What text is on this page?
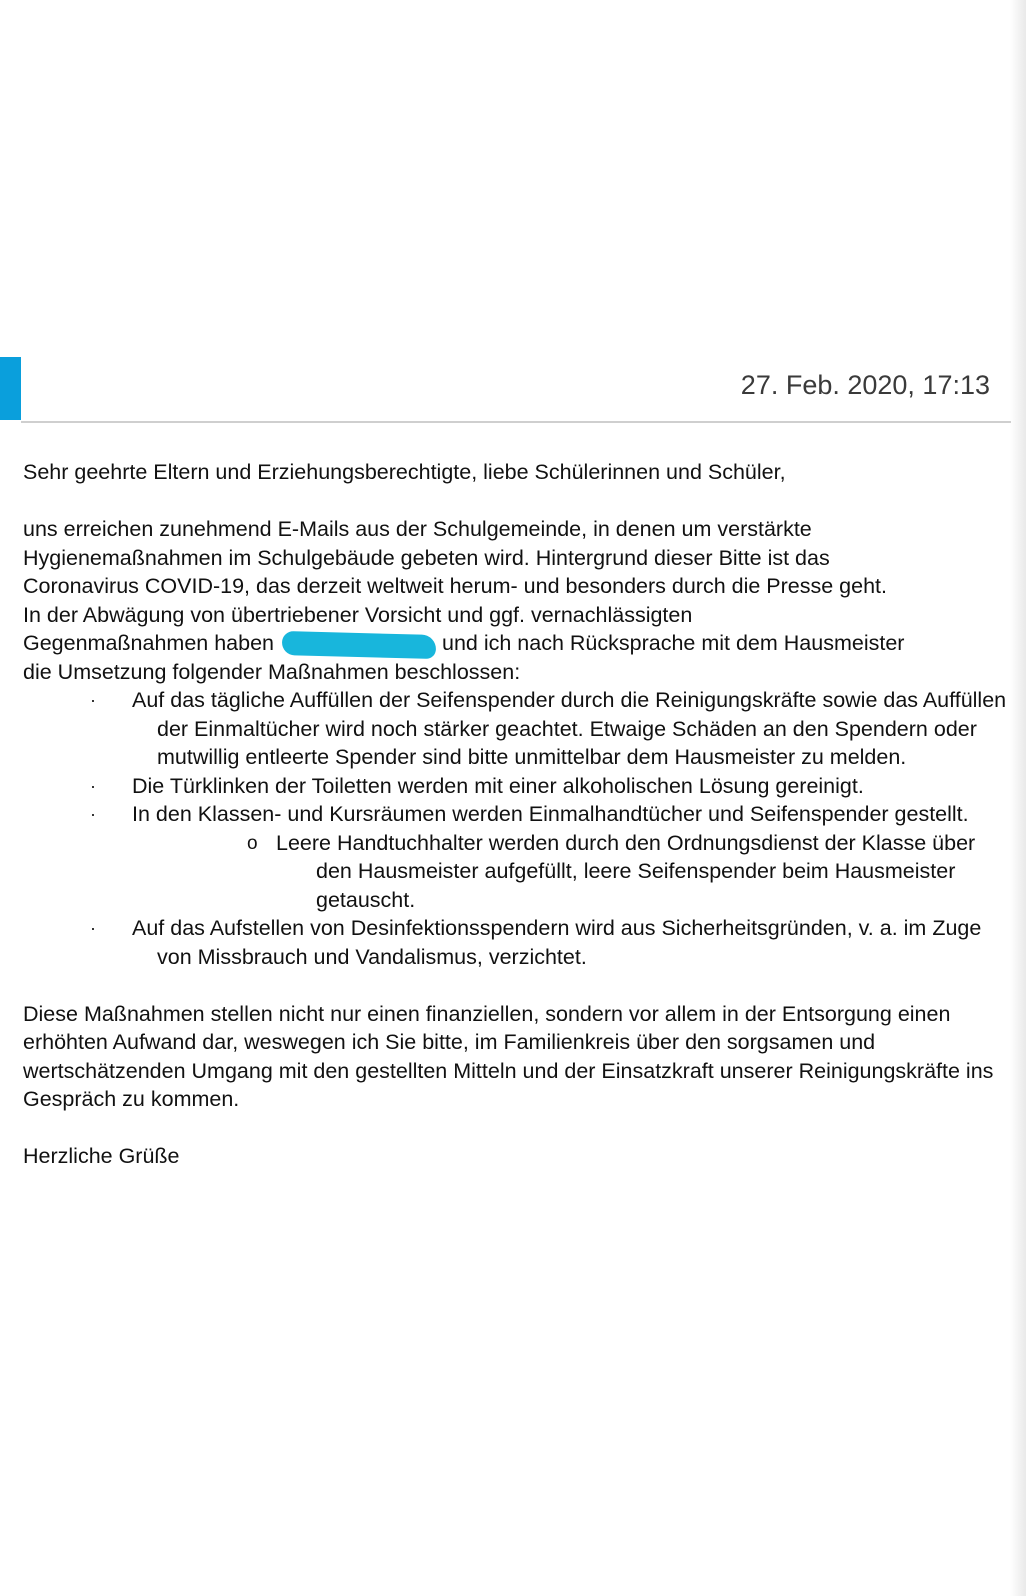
27. Feb. 2020, 17:13

Sehr geehrte Eltern und Erziehungsberechtigte, liebe Schülerinnen und Schüler,

uns erreichen zunehmend E-Mails aus der Schulgemeinde, in denen um verstärkte
Hygienemaßnahmen im Schulgebäude gebeten wird. Hintergrund dieser Bitte ist das
Coronavirus COVID-19, das derzeit weltweit herum- und besonders durch die Presse geht.
In der Abwägung von übertriebener Vorsicht und ggf. vernachlässigten
Gegenmaßnahmen haben	und ich nach Rücksprache mit dem Hausmeister
die Umsetzung folgender Maßnahmen beschlossen:
· Auf das tägliche Auffüllen der Seifenspender durch die Reinigungskräfte sowie das Auffüllen der Einmaltücher wird noch stärker geachtet. Etwaige Schäden an den Spendern oder mutwillig entleerte Spender sind bitte unmittelbar dem Hausmeister zu melden.
· Die Türklinken der Toiletten werden mit einer alkoholischen Lösung gereinigt.
· In den Klassen- und Kursräumen werden Einmalhandtücher und Seifenspender gestellt.
o Leere Handtuchhalter werden durch den Ordnungsdienst der Klasse über den Hausmeister aufgefüllt, leere Seifenspender beim Hausmeister getauscht.
· Auf das Aufstellen von Desinfektionsspendern wird aus Sicherheitsgründen, v. a. im Zuge von Missbrauch und Vandalismus, verzichtet.

Diese Maßnahmen stellen nicht nur einen finanziellen, sondern vor allem in der Entsorgung einen erhöhten Aufwand dar, weswegen ich Sie bitte, im Familienkreis über den sorgsamen und wertschätzenden Umgang mit den gestellten Mitteln und der Einsatzkraft unserer Reinigungskräfte ins Gespräch zu kommen.

Herzliche Grüße
